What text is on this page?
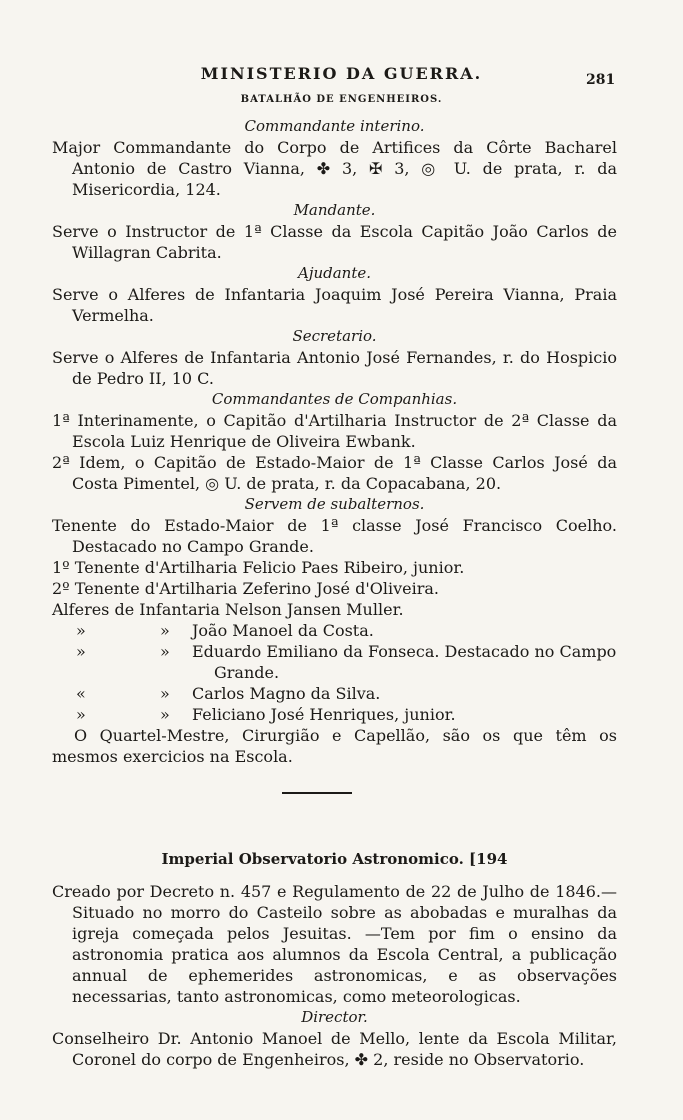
MINISTERIO DA GUERRA.	281
BATALHÃO DE ENGENHEIROS.
Commandante interino.
Major Commandante do Corpo de Artifices da Côrte Bacharel Antonio de Castro Vianna, ✤ 3, ✠ 3, ◎ U. de prata, r. da Misericordia, 124.
Mandante.
Serve o Instructor de 1ª Classe da Escola Capitão João Carlos de Willagran Cabrita.
Ajudante.
Serve o Alferes de Infantaria Joaquim José Pereira Vianna, Praia Vermelha.
Secretario.
Serve o Alferes de Infantaria Antonio José Fernandes, r. do Hospicio de Pedro II, 10 C.
Commandantes de Companhias.
1ª Interinamente, o Capitão d'Artilharia Instructor de 2ª Classe da Escola Luiz Henrique de Oliveira Ewbank.
2ª Idem, o Capitão de Estado-Maior de 1ª Classe Carlos José da Costa Pimentel, ◎ U. de prata, r. da Copacabana, 20.
Servem de subalternos.
Tenente do Estado-Maior de 1ª classe José Francisco Coelho. Destacado no Campo Grande.
1º Tenente d'Artilharia Felicio Paes Ribeiro, junior.
2º Tenente d'Artilharia Zeferino José d'Oliveira.
Alferes de Infantaria Nelson Jansen Muller.
»	»	João Manoel da Costa.
»	»	Eduardo Emiliano da Fonseca. Destacado no Campo Grande.
«	»	Carlos Magno da Silva.
»	»	Feliciano José Henriques, junior.
O Quartel-Mestre, Cirurgião e Capellão, são os que têm os mesmos exercicios na Escola.
Imperial Observatorio Astronomico. [194
Creado por Decreto n. 457 e Regulamento de 22 de Julho de 1846.— Situado no morro do Casteilo sobre as abobadas e muralhas da igreja começada pelos Jesuitas. —Tem por fim o ensino da astronomia pratica aos alumnos da Escola Central, a publicação annual de ephemerides astronomicas, e as observações necessarias, tanto astronomicas, como meteorologicas.
Director.
Conselheiro Dr. Antonio Manoel de Mello, lente da Escola Militar, Coronel do corpo de Engenheiros, ✤ 2, reside no Observatorio.
